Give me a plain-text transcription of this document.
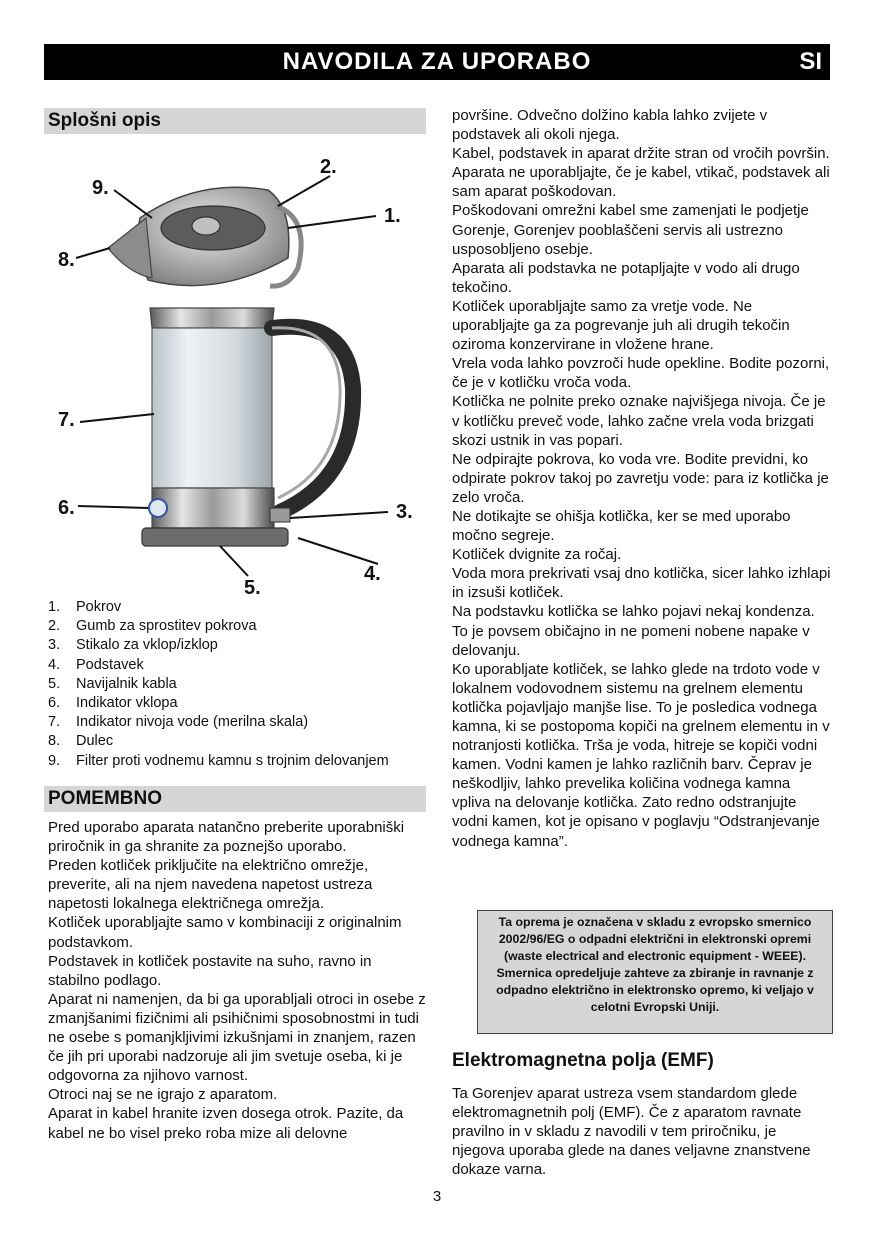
NAVODILA ZA UPORABO	SI
Splošni opis
1.
2.
3.
4.
5.
6.
7.
8.
9.
1.	Pokrov
2.	Gumb za sprostitev pokrova
3.	Stikalo za vklop/izklop
4.	Podstavek
5.	Navijalnik kabla
6.	Indikator vklopa
7.	Indikator nivoja vode (merilna skala)
8.	Dulec
9.	Filter proti vodnemu kamnu s trojnim delovanjem
POMEMBNO

Pred uporabo aparata natančno preberite uporabniški priročnik in ga shranite za poznejšo uporabo.

Preden kotliček priključite na električno omrežje, preverite, ali na njem navedena napetost ustreza napetosti lokalnega električnega omrežja.

Kotliček uporabljajte samo v kombinaciji z originalnim podstavkom.

Podstavek in kotliček postavite na suho, ravno in stabilno podlago.

Aparat ni namenjen, da bi ga uporabljali otroci in osebe z zmanjšanimi fizičnimi ali psihičnimi sposobnostmi in tudi ne osebe s pomanjkljivimi izkušnjami in znanjem, razen če jih pri uporabi nadzoruje ali jim svetuje oseba, ki je odgovorna za njihovo varnost.

Otroci naj se ne igrajo z aparatom.

Aparat in kabel hranite izven dosega otrok. Pazite, da kabel ne bo visel preko roba mize ali delovne

površine. Odvečno dolžino kabla lahko zvijete v podstavek ali okoli njega.

Kabel, podstavek in aparat držite stran od vročih površin.

Aparata ne uporabljajte, če je kabel, vtikač, podstavek ali sam aparat poškodovan.

Poškodovani omrežni kabel sme zamenjati le podjetje Gorenje, Gorenjev pooblaščeni servis ali ustrezno usposobljeno osebje.

Aparata ali podstavka ne potapljajte v vodo ali drugo tekočino.

Kotliček uporabljajte samo za vretje vode. Ne uporabljajte ga za pogrevanje juh ali drugih tekočin oziroma konzervirane in vložene hrane.

Vrela voda lahko povzroči hude opekline. Bodite pozorni, če je v kotličku vroča voda.

Kotlička ne polnite preko oznake najvišjega nivoja. Če je v kotličku preveč vode, lahko začne vrela voda brizgati skozi ustnik in vas popari.

Ne odpirajte pokrova, ko voda vre. Bodite previdni, ko odpirate pokrov takoj po zavretju vode: para iz kotlička je zelo vroča.

Ne dotikajte se ohišja kotlička, ker se med uporabo močno segreje.

Kotliček dvignite za ročaj.

Voda mora prekrivati vsaj dno kotlička, sicer lahko izhlapi in izsuši kotliček.

Na podstavku kotlička se lahko pojavi nekaj kondenza. To je povsem običajno in ne pomeni nobene napake v delovanju.

Ko uporabljate kotliček, se lahko glede na trdoto vode v lokalnem vodovodnem sistemu na grelnem elementu kotlička pojavljajo manjše lise. To je posledica vodnega kamna, ki se postopoma kopiči na grelnem elementu in v notranjosti kotlička. Trša je voda, hitreje se kopiči vodni kamen. Vodni kamen je lahko različnih barv. Čeprav je neškodljiv, lahko prevelika količina vodnega kamna vpliva na delovanje kotlička. Zato redno odstranjujte vodni kamen, kot je opisano v poglavju “Odstranjevanje vodnega kamna”.

Ta oprema je označena v skladu z evropsko smernico 2002/96/EG o odpadni električni in elektronski opremi (waste electrical and electronic equipment - WEEE). Smernica opredeljuje zahteve za zbiranje in ravnanje z odpadno električno in elektronsko opremo, ki veljajo v celotni Evropski Uniji.
Elektromagnetna polja (EMF)

Ta Gorenjev aparat ustreza vsem standardom glede elektromagnetnih polj (EMF). Če z aparatom ravnate pravilno in v skladu z navodili v tem priročniku, je njegova uporaba glede na danes veljavne znanstvene dokaze varna.

3
